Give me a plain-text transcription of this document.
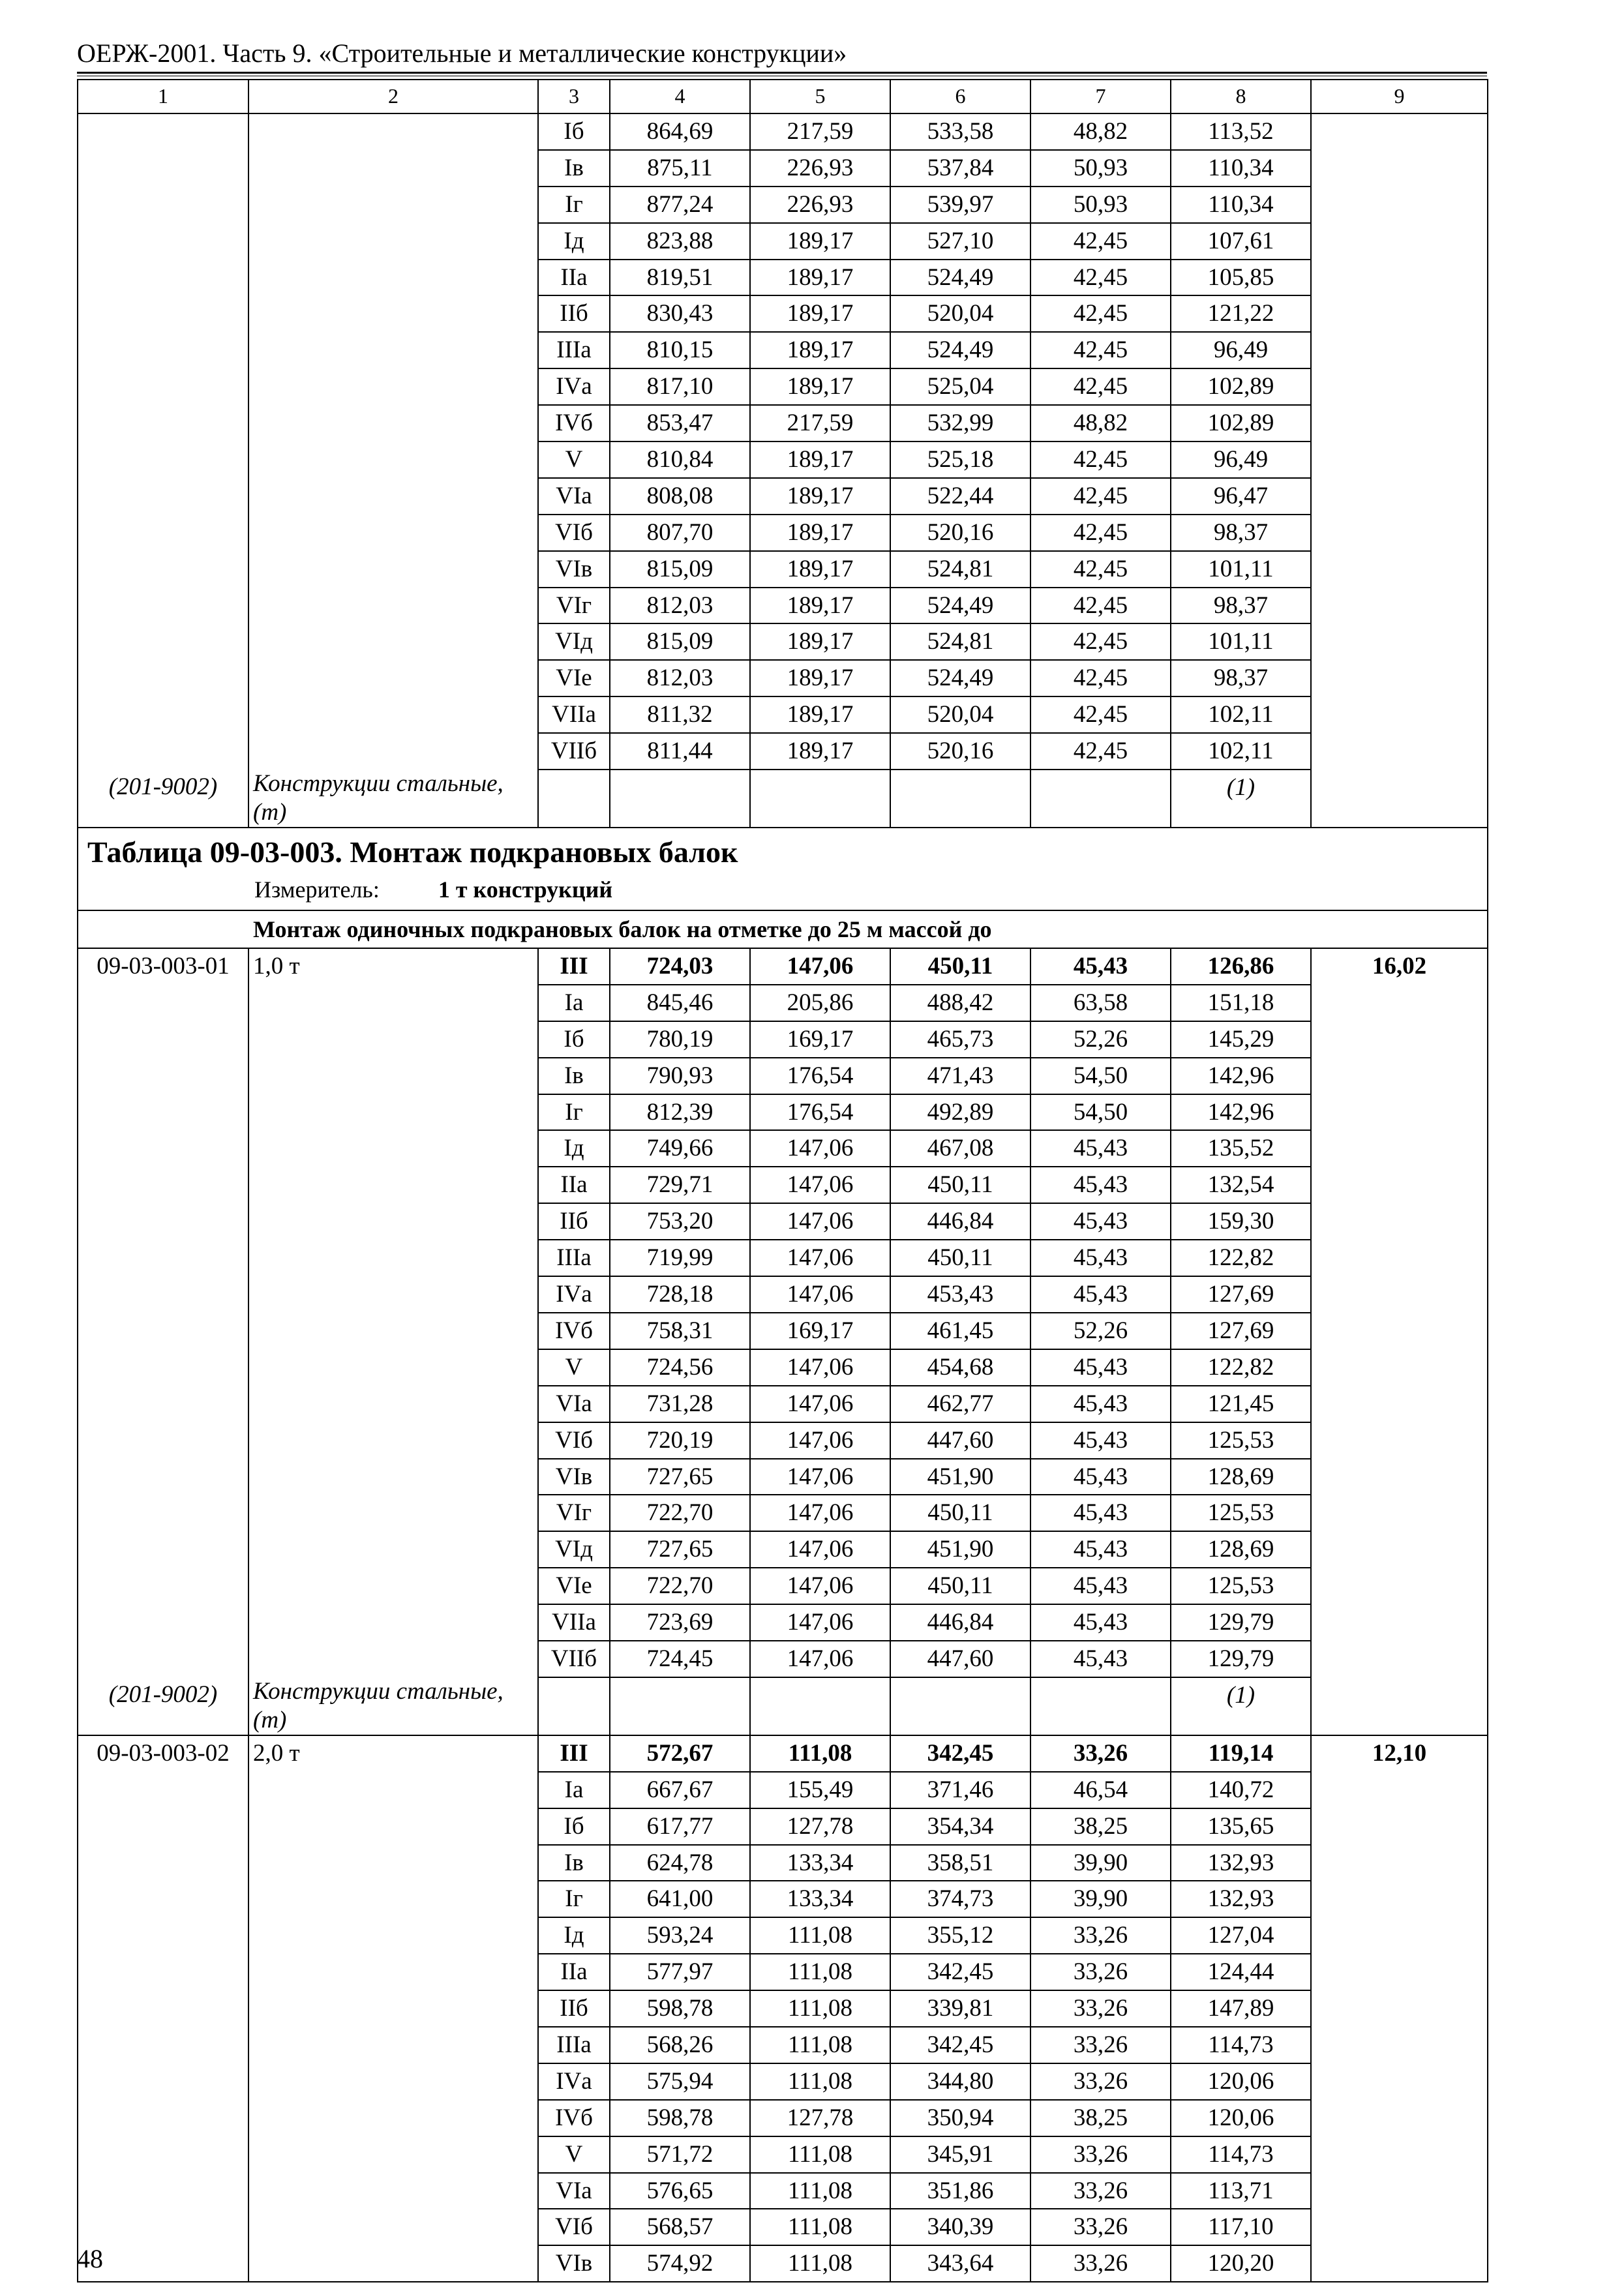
ОЕРЖ-2001. Часть 9. «Строительные и металлические конструкции»
1	2	3	4	5	6	7	8	9
		Iб	864,69	217,59	533,58	48,82	113,52	
		Iв	875,11	226,93	537,84	50,93	110,34	
		Iг	877,24	226,93	539,97	50,93	110,34	
		Iд	823,88	189,17	527,10	42,45	107,61	
		IIа	819,51	189,17	524,49	42,45	105,85	
		IIб	830,43	189,17	520,04	42,45	121,22	
		IIIа	810,15	189,17	524,49	42,45	96,49	
		IVа	817,10	189,17	525,04	42,45	102,89	
		IVб	853,47	217,59	532,99	48,82	102,89	
		V	810,84	189,17	525,18	42,45	96,49	
		VIа	808,08	189,17	522,44	42,45	96,47	
		VIб	807,70	189,17	520,16	42,45	98,37	
		VIв	815,09	189,17	524,81	42,45	101,11	
		VIг	812,03	189,17	524,49	42,45	98,37	
		VIд	815,09	189,17	524,81	42,45	101,11	
		VIе	812,03	189,17	524,49	42,45	98,37	
		VIIа	811,32	189,17	520,04	42,45	102,11	
		VIIб	811,44	189,17	520,16	42,45	102,11	
(201-9002)	Конструкции стальные, (т)						(1)	

Таблица 09-03-003. Монтаж подкрановых балок
Измеритель: 1 т конструкций								

Монтаж одиночных подкрановых балок на отметке до 25 м массой до								
09-03-003-01	1,0 т	III	724,03	147,06	450,11	45,43	126,86	16,02
		Iа	845,46	205,86	488,42	63,58	151,18	
		Iб	780,19	169,17	465,73	52,26	145,29	
		Iв	790,93	176,54	471,43	54,50	142,96	
		Iг	812,39	176,54	492,89	54,50	142,96	
		Iд	749,66	147,06	467,08	45,43	135,52	
		IIа	729,71	147,06	450,11	45,43	132,54	
		IIб	753,20	147,06	446,84	45,43	159,30	
		IIIа	719,99	147,06	450,11	45,43	122,82	
		IVа	728,18	147,06	453,43	45,43	127,69	
		IVб	758,31	169,17	461,45	52,26	127,69	
		V	724,56	147,06	454,68	45,43	122,82	
		VIа	731,28	147,06	462,77	45,43	121,45	
		VIб	720,19	147,06	447,60	45,43	125,53	
		VIв	727,65	147,06	451,90	45,43	128,69	
		VIг	722,70	147,06	450,11	45,43	125,53	
		VIд	727,65	147,06	451,90	45,43	128,69	
		VIе	722,70	147,06	450,11	45,43	125,53	
		VIIа	723,69	147,06	446,84	45,43	129,79	
		VIIб	724,45	147,06	447,60	45,43	129,79	
(201-9002)	Конструкции стальные, (т)						(1)	
09-03-003-02	2,0 т	III	572,67	111,08	342,45	33,26	119,14	12,10
		Iа	667,67	155,49	371,46	46,54	140,72	
		Iб	617,77	127,78	354,34	38,25	135,65	
		Iв	624,78	133,34	358,51	39,90	132,93	
		Iг	641,00	133,34	374,73	39,90	132,93	
		Iд	593,24	111,08	355,12	33,26	127,04	
		IIа	577,97	111,08	342,45	33,26	124,44	
		IIб	598,78	111,08	339,81	33,26	147,89	
		IIIа	568,26	111,08	342,45	33,26	114,73	
		IVа	575,94	111,08	344,80	33,26	120,06	
		IVб	598,78	127,78	350,94	38,25	120,06	
		V	571,72	111,08	345,91	33,26	114,73	
		VIа	576,65	111,08	351,86	33,26	113,71	
		VIб	568,57	111,08	340,39	33,26	117,10	
		VIв	574,92	111,08	343,64	33,26	120,20	
48
